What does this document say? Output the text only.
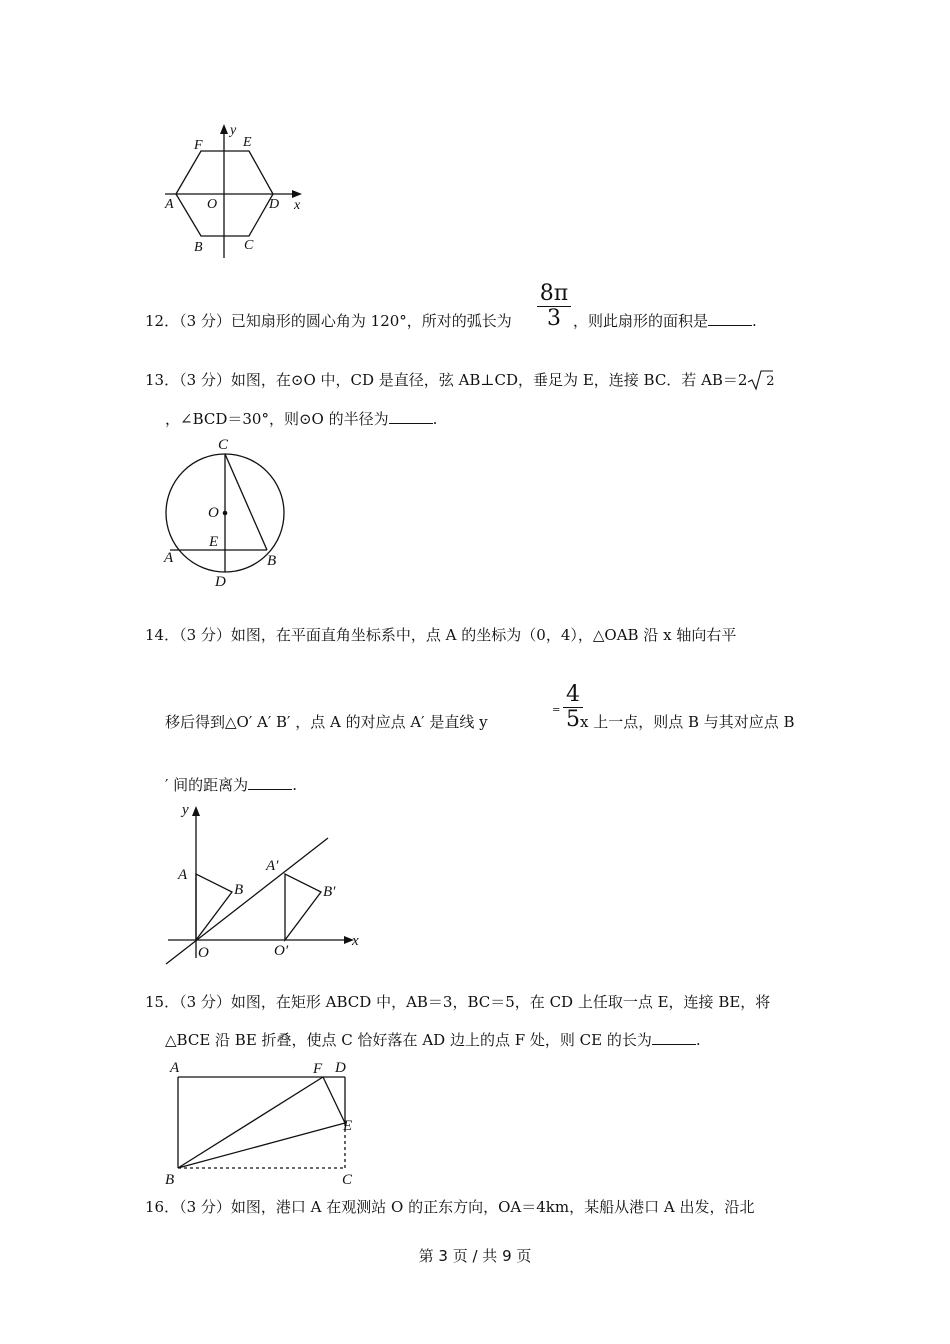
y
F	E
A O	D x
B	C
12．（3 分）已知扇形的圆心角为 120°，所对的弧长为
8π
3 ，则此扇形的面积是	.
13．（3 分）如图，在⊙O 中，CD 是直径，弦 AB⊥CD，垂足为 E，连接 BC．若 AB＝2 2
，∠BCD＝30°，则⊙O 的半径为	.
C
O
E
A	B
D
14．（3 分）如图，在平面直角坐标系中，点 A 的坐标为（0，4），△OAB 沿 x 轴向右平
移后得到△O′ A′ B′ ，点 A 的对应点 A′ 是直线 y
=
4
5 x 上一点，则点 B 与其对应点 B
′ 间的距离为	.
y
A
B
A′
B′
O	O′
x
15．（3 分）如图，在矩形 ABCD 中，AB＝3，BC＝5，在 CD 上任取一点 E，连接 BE，将
△BCE 沿 BE 折叠，使点 C 恰好落在 AD 边上的点 F 处，则 CE 的长为	.
A	F D
E
B	C
16．（3 分）如图，港口 A 在观测站 O 的正东方向，OA＝4km，某船从港口 A 出发，沿北
第 3 页 / 共 9 页
